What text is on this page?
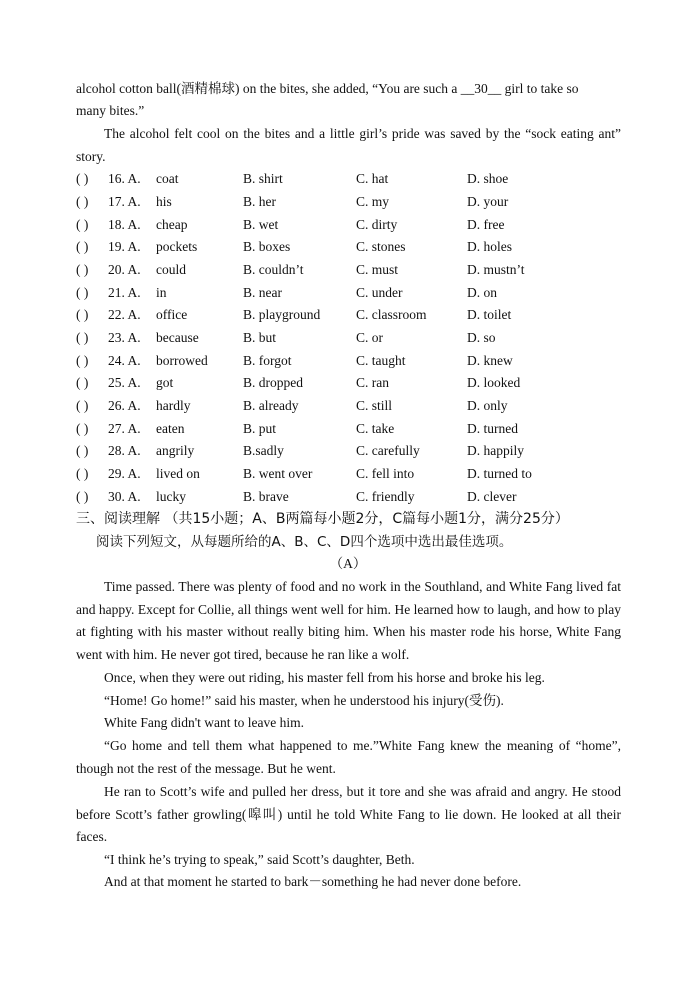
alcohol cotton ball(酒精棉球) on the bites, she added, “You are such a __30__ girl to take so
many bites.”

The alcohol felt cool on the bites and a little girl’s pride was saved by the “sock eating ant” story.

( ) 16. A. coat	B. shirt	C. hat	D. shoe
( ) 17. A. his	B. her	C. my	D. your
( ) 18. A. cheap	B. wet	C. dirty	D. free
( ) 19. A. pockets	B. boxes	C. stones	D. holes
( ) 20. A. could	B. couldn’t	C. must	D. mustn’t
( ) 21. A. in	B. near	C. under	D. on
( ) 22. A. office	B. playground	C. classroom	D. toilet
( ) 23. A. because	B. but	C. or	D. so
( ) 24. A. borrowed	B. forgot	C. taught	D. knew
( ) 25. A. got	B. dropped	C. ran	D. looked
( ) 26. A. hardly	B. already	C. still	D. only
( ) 27. A. eaten	B. put	C. take	D. turned
( ) 28. A. angrily	B.sadly	C. carefully	D. happily
( ) 29. A. lived on	B. went over	C. fell into	D. turned to
( ) 30. A. lucky	B. brave	C. friendly	D. clever
三、阅读理解 （共15小题；A、B两篇每小题2分，C篇每小题1分，满分25分）
阅读下列短文，从每题所给的A、B、C、D四个选项中选出最佳选项。
（A）

Time passed. There was plenty of food and no work in the Southland, and White Fang lived fat and happy. Except for Collie, all things went well for him. He learned how to laugh, and how to play at fighting with his master without really biting him. When his master rode his horse, White Fang went with him. He never got tired, because he ran like a wolf.

Once, when they were out riding, his master fell from his horse and broke his leg.

“Home! Go home!” said his master, when he understood his injury(受伤).

White Fang didn't want to leave him.

“Go home and tell them what happened to me.”White Fang knew the meaning of “home”, though not the rest of the message. But he went.

He ran to Scott’s wife and pulled her dress, but it tore and she was afraid and angry. He stood before Scott’s father growling(嗥叫) until he told White Fang to lie down. He looked at all their faces.

“I think he’s trying to speak,” said Scott’s daughter, Beth.

And at that moment he started to bark－something he had never done before.
